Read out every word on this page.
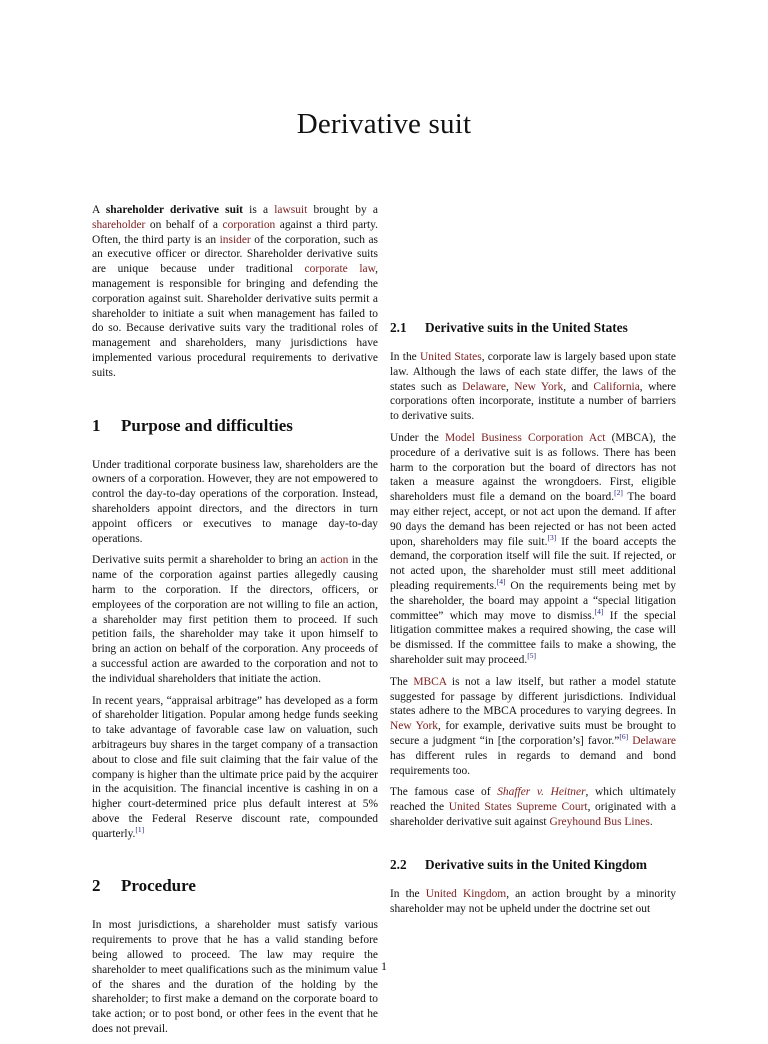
Derivative suit

A shareholder derivative suit is a lawsuit brought by a shareholder on behalf of a corporation against a third party. Often, the third party is an insider of the corporation, such as an executive officer or director. Shareholder derivative suits are unique because under traditional corporate law, management is responsible for bringing and defending the corporation against suit. Shareholder derivative suits permit a shareholder to initiate a suit when management has failed to do so. Because derivative suits vary the traditional roles of management and shareholders, many jurisdictions have implemented various procedural requirements to derivative suits.

1 Purpose and difficulties

Under traditional corporate business law, shareholders are the owners of a corporation. However, they are not empowered to control the day-to-day operations of the corporation. Instead, shareholders appoint directors, and the directors in turn appoint officers or executives to manage day-to-day operations.

Derivative suits permit a shareholder to bring an action in the name of the corporation against parties allegedly causing harm to the corporation. If the directors, officers, or employees of the corporation are not willing to file an action, a shareholder may first petition them to proceed. If such petition fails, the shareholder may take it upon himself to bring an action on behalf of the corporation. Any proceeds of a successful action are awarded to the corporation and not to the individual shareholders that initiate the action.

In recent years, “appraisal arbitrage” has developed as a form of shareholder litigation. Popular among hedge funds seeking to take advantage of favorable case law on valuation, such arbitrageurs buy shares in the target company of a transaction about to close and file suit claiming that the fair value of the company is higher than the ultimate price paid by the acquirer in the acquisition. The financial incentive is cashing in on a higher court-determined price plus default interest at 5% above the Federal Reserve discount rate, compounded quarterly.[1]

2 Procedure

In most jurisdictions, a shareholder must satisfy various requirements to prove that he has a valid standing before being allowed to proceed. The law may require the shareholder to meet qualifications such as the minimum value of the shares and the duration of the holding by the shareholder; to first make a demand on the corporate board to take action; or to post bond, or other fees in the event that he does not prevail.

2.1 Derivative suits in the United States

In the United States, corporate law is largely based upon state law. Although the laws of each state differ, the laws of the states such as Delaware, New York, and California, where corporations often incorporate, institute a number of barriers to derivative suits.

Under the Model Business Corporation Act (MBCA), the procedure of a derivative suit is as follows. There has been harm to the corporation but the board of directors has not taken a measure against the wrongdoers. First, eligible shareholders must file a demand on the board.[2] The board may either reject, accept, or not act upon the demand. If after 90 days the demand has been rejected or has not been acted upon, shareholders may file suit.[3] If the board accepts the demand, the corporation itself will file the suit. If rejected, or not acted upon, the shareholder must still meet additional pleading requirements.[4] On the requirements being met by the shareholder, the board may appoint a “special litigation committee” which may move to dismiss.[4] If the special litigation committee makes a required showing, the case will be dismissed. If the committee fails to make a showing, the shareholder suit may proceed.[5]

The MBCA is not a law itself, but rather a model statute suggested for passage by different jurisdictions. Individual states adhere to the MBCA procedures to varying degrees. In New York, for example, derivative suits must be brought to secure a judgment “in [the corporation’s] favor.”[6] Delaware has different rules in regards to demand and bond requirements too.

The famous case of Shaffer v. Heitner, which ultimately reached the United States Supreme Court, originated with a shareholder derivative suit against Greyhound Bus Lines.

2.2 Derivative suits in the United Kingdom

In the United Kingdom, an action brought by a minority shareholder may not be upheld under the doctrine set out

1
